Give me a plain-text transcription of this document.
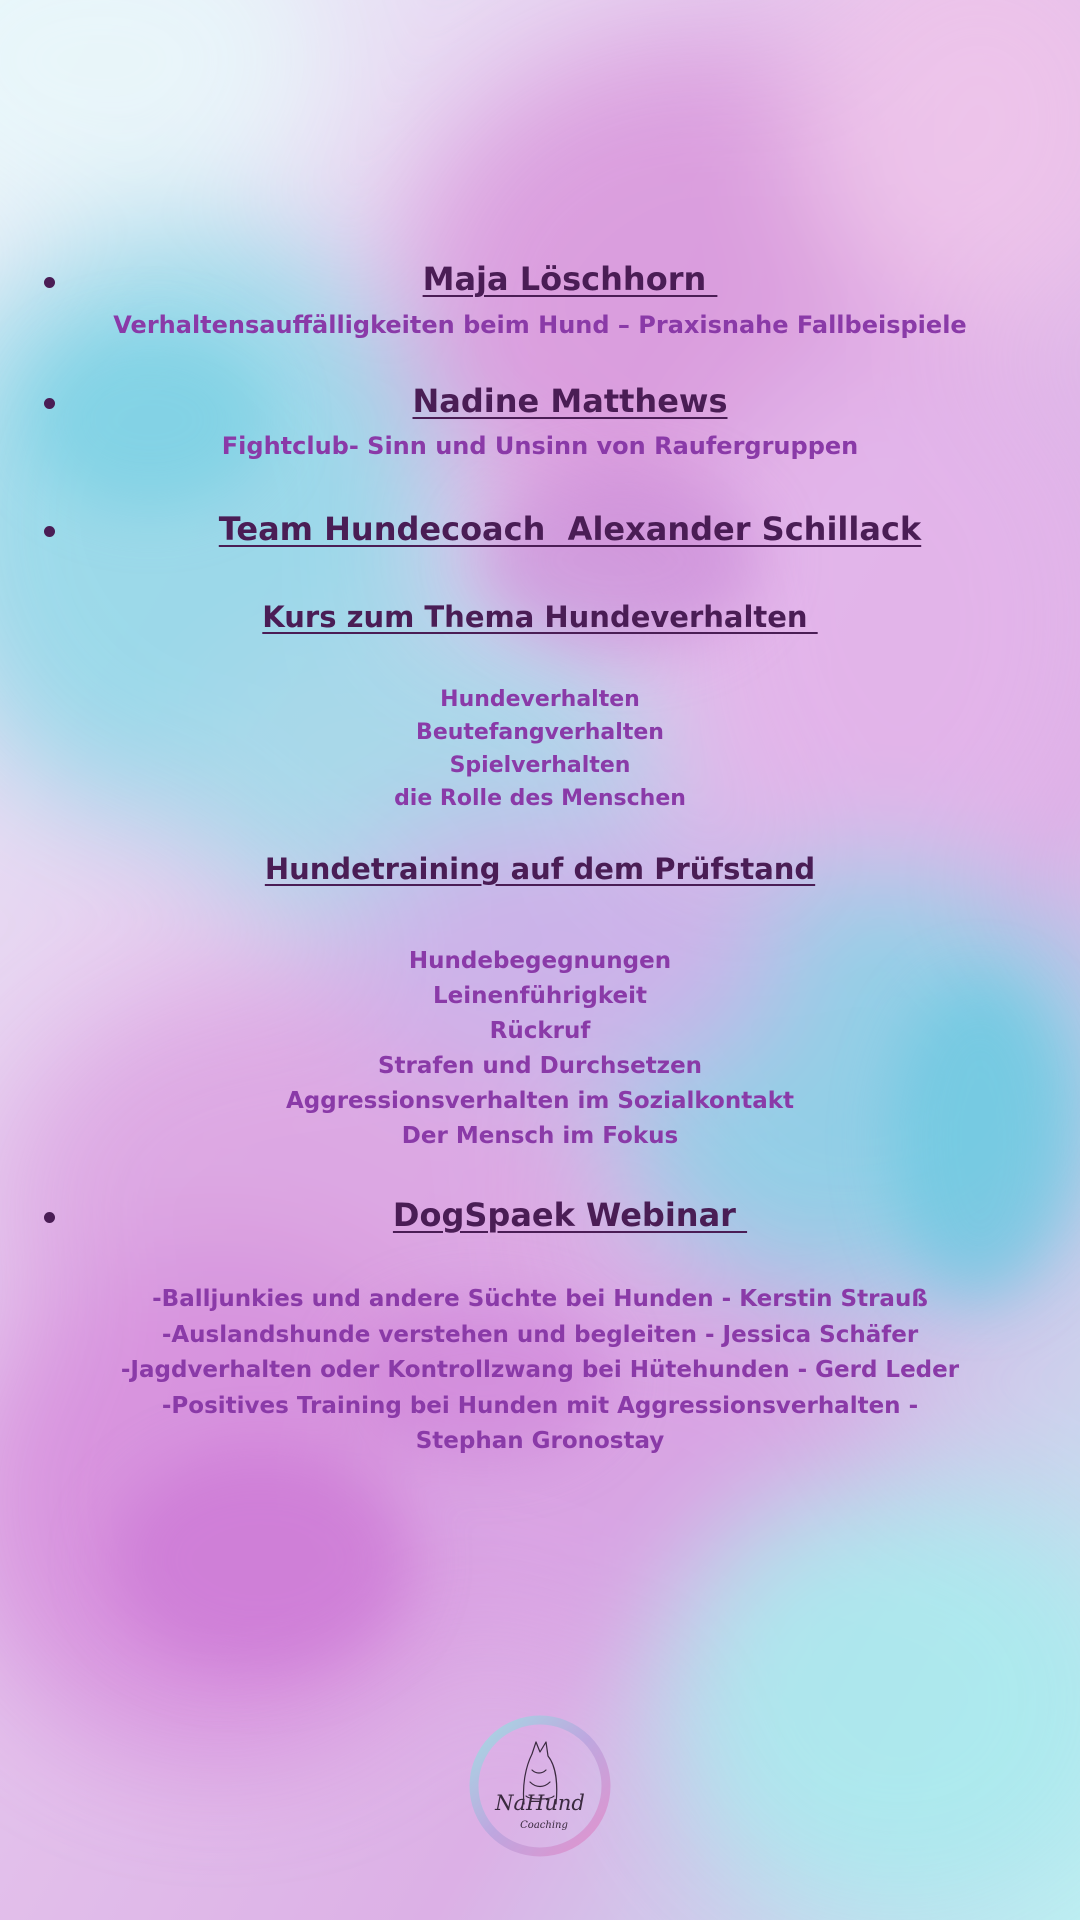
Maja Löschhorn

Verhaltensauffälligkeiten beim Hund – Praxisnahe Fallbeispiele

Nadine Matthews

Fightclub- Sinn und Unsinn von Raufergruppen

Team Hundecoach  Alexander Schillack
Kurs zum Thema Hundeverhalten
Hundeverhalten
Beutefangverhalten
Spielverhalten
die Rolle des Menschen
Hundetraining auf dem Prüfstand
Hundebegegnungen
Leinenführigkeit
Rückruf
Strafen und Durchsetzen
Aggressionsverhalten im Sozialkontakt
Der Mensch im Fokus
DogSpaek Webinar
-Balljunkies und andere Süchte bei Hunden - Kerstin Strauß
-Auslandshunde verstehen und begleiten - Jessica Schäfer
-Jagdverhalten oder Kontrollzwang bei Hütehunden - Gerd Leder
-Positives Training bei Hunden mit Aggressionsverhalten -
Stephan Gronostay
NaHund
Coaching
